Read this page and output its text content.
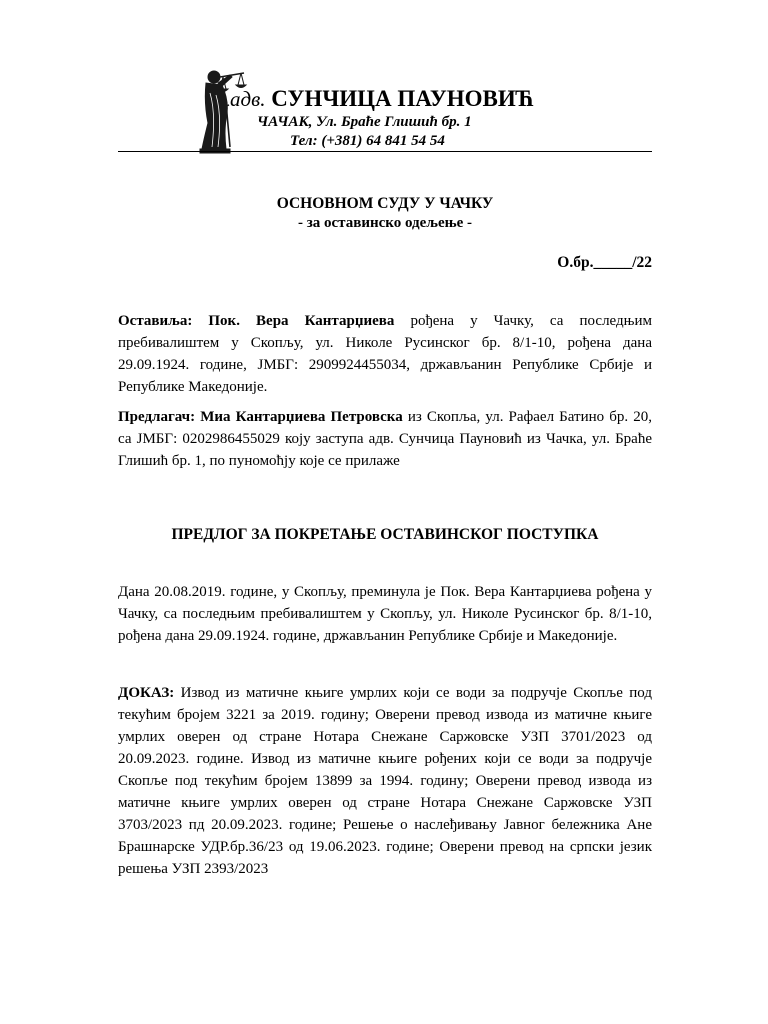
адв. СУНЧИЦА ПАУНОВИЋ
ЧАЧАК, Ул. Браће Глишић бр. 1
Тел: (+381) 64 841 54 54
ОСНОВНОМ СУДУ У ЧАЧКУ
- за оставинско одељење -
О.бр._____/22

Оставиља: Пок. Вера Кантарџиева рођена у Чачку, са последњим пребивалиштем у Скопљу, ул. Николе Русинског бр. 8/1-10, рођена дана 29.09.1924. године, ЈМБГ: 2909924455034, држављанин Републике Србије и Републике Македоније.

Предлагач: Миа Кантарџиева Петровска из Скопља, ул. Рафаел Батино бр. 20, са ЈМБГ: 0202986455029 коју заступа адв. Сунчица Пауновић из Чачка, ул. Браће Глишић бр. 1, по пуномоћју које се прилаже

ПРЕДЛОГ ЗА ПОКРЕТАЊЕ ОСТАВИНСКОГ ПОСТУПКА

Дана 20.08.2019. године, у Скопљу, преминула је Пок. Вера Кантарџиева рођена у Чачку, са последњим пребивалиштем у Скопљу, ул. Николе Русинског бр. 8/1-10, рођена дана 29.09.1924. године, држављанин Републике Србије и Македоније.

ДОКАЗ: Извод из матичне књиге умрлих који се води за подручје Скопље под текућим бројем 3221 за 2019. годину; Оверени превод извода из матичне књиге умрлих оверен од стране Нотара Снежане Саржовске УЗП 3701/2023 од 20.09.2023. године. Извод из матичне књиге рођених који се води за подручје Скопље под текућим бројем 13899 за 1994. годину; Оверени превод извода из матичне књиге умрлих оверен од стране Нотара Снежане Саржовске УЗП 3703/2023 пд 20.09.2023. године; Решење о наслеђивању Јавног бележника Ане Брашнарске УДР.бр.36/23 од 19.06.2023. године; Оверени превод на српски језик решења УЗП 2393/2023
